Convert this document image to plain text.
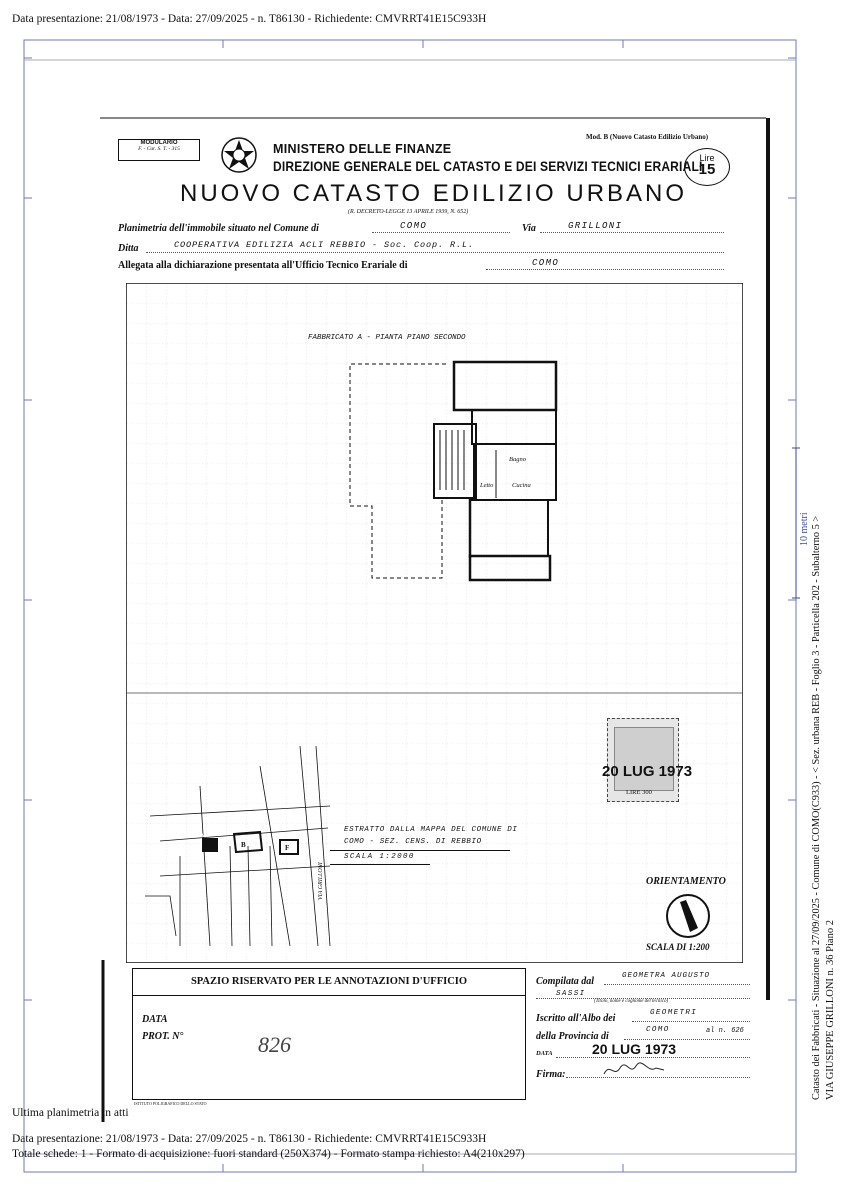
Data presentazione: 21/08/1973 - Data: 27/09/2025 - n. T86130 - Richiedente: CMVRRT41E15C933H
MODULARIO
F. - Cat. S. T. - 315	MINISTERO DELLE FINANZE
DIREZIONE GENERALE DEL CATASTO E DEI SERVIZI TECNICI ERARIALI
NUOVO CATASTO EDILIZIO URBANO
(R. DECRETO-LEGGE 13 APRILE 1939, N. 652)
Mod. B (Nuovo Catasto Edilizio Urbano)
Lire
15
Planimetria dell'immobile situato nel Comune di	COMO	Via	GRILLONI
Ditta	COOPERATIVA EDILIZIA ACLI REBBIO - Soc. Coop. R.L.
Allegata alla dichiarazione presentata all'Ufficio Tecnico Erariale di	COMO
FABBRICATO A - PIANTA PIANO SECONDO
Bagno
Cucina
Letto
LIRE 300
20 LUG 1973
B	F
A
VIA GRILLONI
ESTRATTO DALLA MAPPA DEL COMUNE DI
COMO - SEZ. CENS. DI REBBIO
SCALA 1:2000
ORIENTAMENTO
SCALA DI 1:200
SPAZIO RISERVATO PER LE ANNOTAZIONI D'UFFICIO
DATA
PROT. N°	826
Compilata dal	GEOMETRA AUGUSTO
SASSI
(Titolo, nome e cognome del tecnico)
Iscritto all'Albo dei	GEOMETRI
della Provincia di
COMO	al n. 626
DATA	20 LUG 1973
Firma:
ISTITUTO POLIGRAFICO DELLO STATO
10 metri Catasto dei Fabbricati - Situazione al 27/09/2025 - Comune di COMO(C933) - < Sez. urbana REB - Foglio 3 - Particella 202 - Subalterno 5 > VIA GIUSEPPE GRILLONI n. 36 Piano 2
Ultima planimetria in atti
Data presentazione: 21/08/1973 - Data: 27/09/2025 - n. T86130 - Richiedente: CMVRRT41E15C933H
Totale schede: 1 - Formato di acquisizione: fuori standard (250X374) - Formato stampa richiesto: A4(210x297)
